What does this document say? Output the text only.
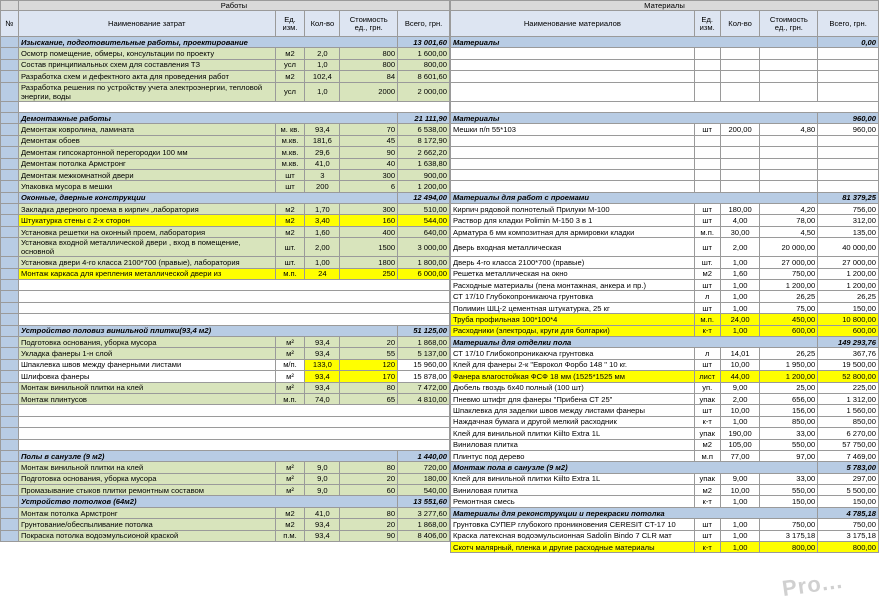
	Работы				
№	Наименование затрат	Ед. изм.	Кол-во	Стоимость ед., грн.	Всего, грн.
	Изыскание, подготовительные работы, проектирование				13 001,60
	Осмотр помещение, обмеры, консультации по проекту	м2	2,0	800	1 600,00
	Состав принципиальных схем для составления ТЗ	усл	1,0	800	800,00
	Разработка схем и дефектного акта для проведения работ	м2	102,4	84	8 601,60
	Разработка решения по устройству учета электроэнергии, тепловой энергии, воды	усл	1,0	2000	2 000,00

	Демонтажные работы				21 111,90
	Демонтаж ковролина, ламината	м. кв.	93,4	70	6 538,00
	Демонтаж обоев	м.кв.	181,6	45	8 172,90
	Демонтаж гипсокартонной перегородки 100 мм	м.кв.	29,6	90	2 662,20
	Демонтаж потолка Армстронг	м.кв.	41,0	40	1 638,80
	Демонтаж межкомнатной двери	шт	3	300	900,00
	Упаковка мусора в мешки	шт	200	6	1 200,00
	Оконные, дверные конструкции				12 494,00
	Закладка дверного проема в кирпич ,лаборатория	м2	1,70	300	510,00
	Штукатурка стены с 2-х сторон	м2	3,40	160	544,00
	Установка решетки на оконный проем, лаборатория	м2	1,60	400	640,00
	Установка входной металлической двери , вход в помещение, основной	шт.	2,00	1500	3 000,00
	Установка двери 4-го класса 2100*700 (правые), лаборатория	шт.	1,00	1800	1 800,00
	Монтаж каркаса для крепления металлической двери из	м.п.	24	250	6 000,00

	Устройство половиз винильной плитки(93,4 м2)				51 125,00
	Подготовка основания, уборка мусора	м²	93,4	20	1 868,00
	Укладка фанеры 1-н слой	м²	93,4	55	5 137,00
	Шпаклевка швов между фанерными листами	м/п.	133,0	120	15 960,00
	Шлифовка фанеры	м²	93,4	170	15 878,00
	Монтаж винильной плитки на клей	м²	93,4	80	7 472,00
	Монтаж плинтусов	м.п.	74,0	65	4 810,00

	Полы в санузле (9 м2)				1 440,00
	Монтаж винильной плитки на клей	м²	9,0	80	720,00
	Подготовка основания, уборка мусора	м²	9,0	20	180,00
	Промазывание стыков плитки ремонтным составом	м²	9,0	60	540,00
	Устройство потолков (64м2)				13 551,60
	Монтаж потолка Армстронг	м2	41,0	80	3 277,60
	Грунтование/обеспыливание потолка	м2	93,4	20	1 868,00
	Покраска потолка водоэмульсионой краской	п.м.	93,4	90	8 406,00
Материалы				
Наименование материалов	Ед. изм.	Кол-во	Стоимость ед., грн.	Всего, грн.
Материалы				0,00

Материалы				960,00
Мешки п/п 55*103	шт	200,00	4,80	960,00

Материалы для работ с проемами				81 379,25
Кирпич рядовой полнотелый Прилуки М-100	шт	180,00	4,20	756,00
Раствор для кладки Polimin М-150 3 в 1	шт	4,00	78,00	312,00
Арматура 6 мм композитная для армировки кладки	м.п.	30,00	4,50	135,00
Дверь входная металлическая	шт	2,00	20 000,00	40 000,00
Дверь 4-го класса 2100*700 (правые)	шт.	1,00	27 000,00	27 000,00
Решетка металлическая на окно	м2	1,60	750,00	1 200,00
Расходные материалы (пена монтажная, анкера и пр.)	шт	1,00	1 200,00	1 200,00
СТ 17/10 Глубокопроникаюча грунтовка	л	1,00	26,25	26,25
Полимин ШЦ-2 цементная штукатурка, 25 кг	шт	1,00	75,00	150,00
Труба профильная 100*100*4	м.п.	24,00	450,00	10 800,00
Расходники (электроды, круги для болгарки)	к-т	1,00	600,00	600,00
Материалы для отделки пола				149 293,76
СТ 17/10 Глибокопроникаюча грунтовка	л	14,01	26,25	367,76
Клей для фанеры 2-к "Еврокол Форбо 148 " 10 кг.	шт	10,00	1 950,00	19 500,00
Фанера влагостойкая ФСФ 18 мм (1525*1525 мм	лист	44,00	1 200,00	52 800,00
Дюбель гвоздь 6х40 полный (100 шт)	уп.	9,00	25,00	225,00
Пневмо штифт для фанеры "Прибена СТ 25"	упак	2,00	656,00	1 312,00
Шпаклевка для заделки швов между листами фанеры	шт	10,00	156,00	1 560,00
Наждачная бумага и другой мелкий расходник	к-т	1,00	850,00	850,00
Клей для винильной плитки Kiilto Extra 1L	упак	190,00	33,00	6 270,00
Виниловая плитка	м2	105,00	550,00	57 750,00
Плинтус под дерево	м.п	77,00	97,00	7 469,00
Монтаж пола в санузле (9 м2)				5 783,00
Клей для винильной плитки Kiilto Extra 1L	упак	9,00	33,00	297,00
Виниловая плитка	м2	10,00	550,00	5 500,00
Ремонтная смесь	к-т	1,00	150,00	150,00
Материалы для реконструкции и перекраски потолка				4 785,18
Грунтовка СУПЕР глубокого проникновения CERESIT CT-17 10	шт	1,00	750,00	750,00
Краска латексная водоэмульсионная Sadolin Bindo 7 CLR мат	шт	1,00	3 175,18	3 175,18
Скотч малярный, пленка и другие расходные материалы	к-т	1,00	800,00	800,00
Pro...
